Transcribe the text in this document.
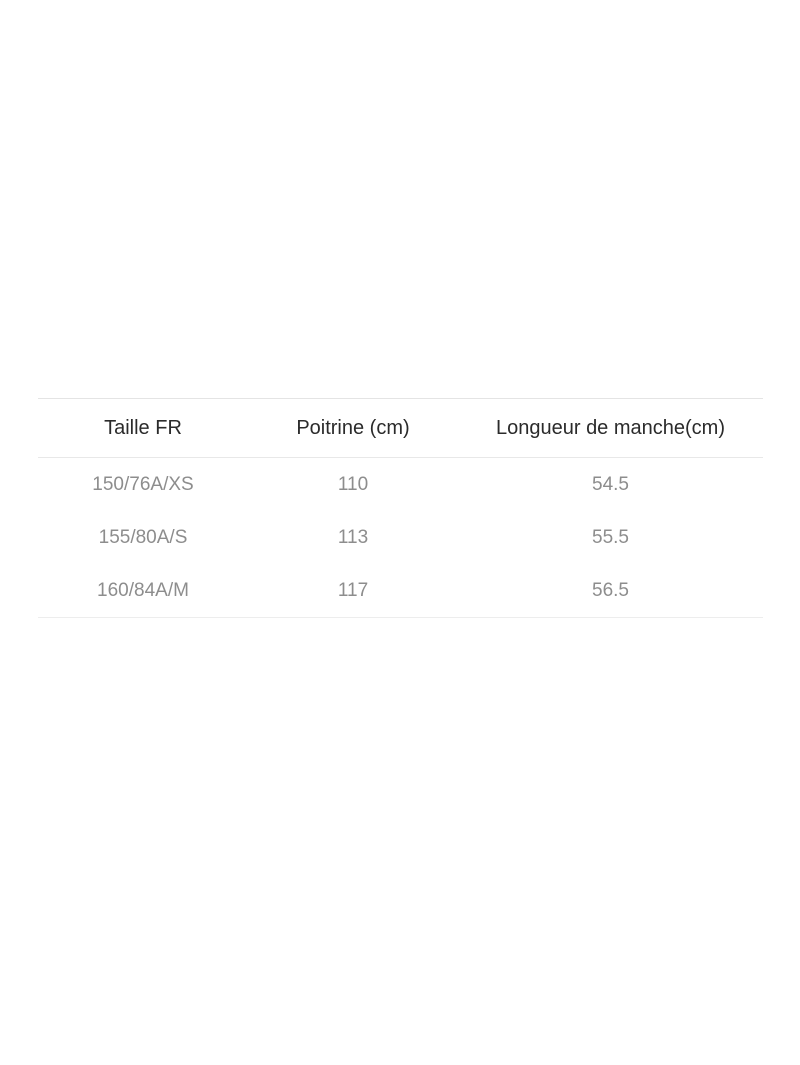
Taille FR	Poitrine (cm)	Longueur de manche(cm)
150/76A/XS	110	54.5
155/80A/S	113	55.5
160/84A/M	117	56.5
